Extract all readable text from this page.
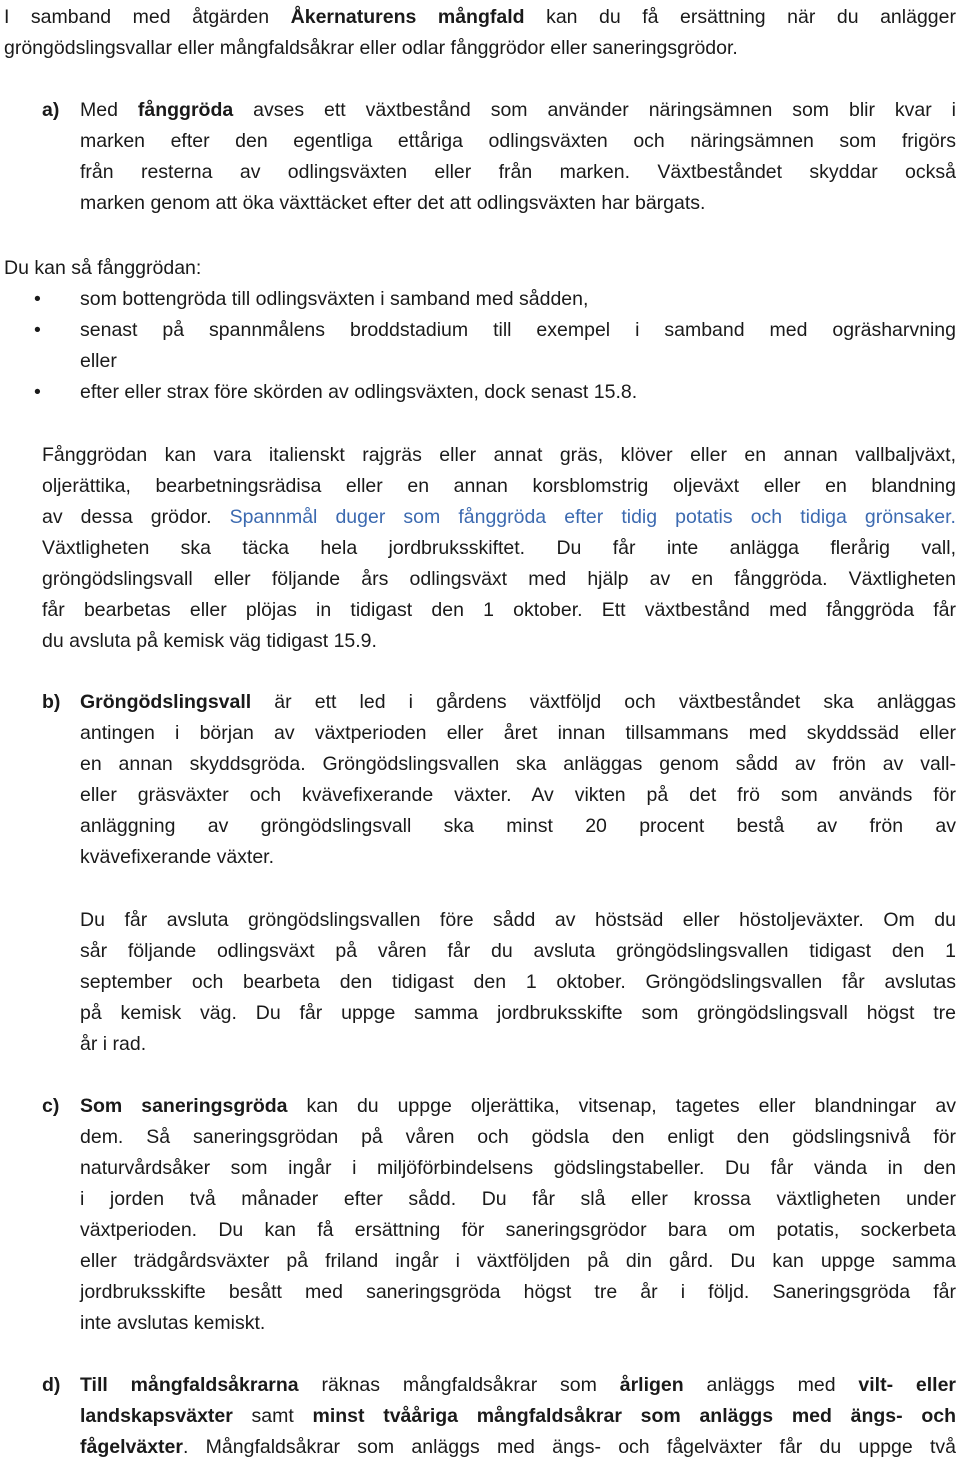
I samband med åtgärden Åkernaturens mångfald kan du få ersättning när du anlägger
gröngödslingsvallar eller mångfaldsåkrar eller odlar fånggrödor eller saneringsgrödor.
a)	Med fånggröda avses ett växtbestånd som använder näringsämnen som blir kvar i
marken efter den egentliga ettåriga odlingsväxten och näringsämnen som frigörs
från resterna av odlingsväxten eller från marken. Växtbeståndet skyddar också
marken genom att öka växttäcket efter det att odlingsväxten har bärgats.
Du kan så fånggrödan:
• som bottengröda till odlingsväxten i samband med sådden,
• senast på spannmålens broddstadium till exempel i samband med ogräsharvning
eller
• efter eller strax före skörden av odlingsväxten, dock senast 15.8.
Fånggrödan kan vara italienskt rajgräs eller annat gräs, klöver eller en annan vallbaljväxt,
oljerättika, bearbetningsrädisa eller en annan korsblomstrig oljeväxt eller en blandning
av dessa grödor. Spannmål duger som fånggröda efter tidig potatis och tidiga grönsaker.
Växtligheten ska täcka hela jordbruksskiftet. Du får inte anlägga flerårig vall,
gröngödslingsvall eller följande års odlingsväxt med hjälp av en fånggröda. Växtligheten
får bearbetas eller plöjas in tidigast den 1 oktober. Ett växtbestånd med fånggröda får
du avsluta på kemisk väg tidigast 15.9.
b)	Gröngödslingsvall är ett led i gårdens växtföljd och växtbeståndet ska anläggas
antingen i början av växtperioden eller året innan tillsammans med skyddssäd eller
en annan skyddsgröda. Gröngödslingsvallen ska anläggas genom sådd av frön av vall-
eller gräsväxter och kvävefixerande växter. Av vikten på det frö som används för
anläggning av gröngödslingsvall ska minst 20 procent bestå av frön av
kvävefixerande växter.
Du får avsluta gröngödslingsvallen före sådd av höstsäd eller höstoljeväxter. Om du
sår följande odlingsväxt på våren får du avsluta gröngödslingsvallen tidigast den 1
september och bearbeta den tidigast den 1 oktober. Gröngödslingsvallen får avslutas
på kemisk väg. Du får uppge samma jordbruksskifte som gröngödslingsvall högst tre
år i rad.
c)	Som saneringsgröda kan du uppge oljerättika, vitsenap, tagetes eller blandningar av
dem. Så saneringsgrödan på våren och gödsla den enligt den gödslingsnivå för
naturvårdsåker som ingår i miljöförbindelsens gödslingstabeller. Du får vända in den
i jorden två månader efter sådd. Du får slå eller krossa växtligheten under
växtperioden. Du kan få ersättning för saneringsgrödor bara om potatis, sockerbeta
eller trädgårdsväxter på friland ingår i växtföljden på din gård. Du kan uppge samma
jordbruksskifte besått med saneringsgröda högst tre år i följd. Saneringsgröda får
inte avslutas kemiskt.
d)	Till mångfaldsåkrarna räknas mångfaldsåkrar som årligen anläggs med vilt- eller
landskapsväxter samt minst tvååriga mångfaldsåkrar som anläggs med ängs- och
fågelväxter. Mångfaldsåkrar som anläggs med ängs- och fågelväxter får du uppge två
